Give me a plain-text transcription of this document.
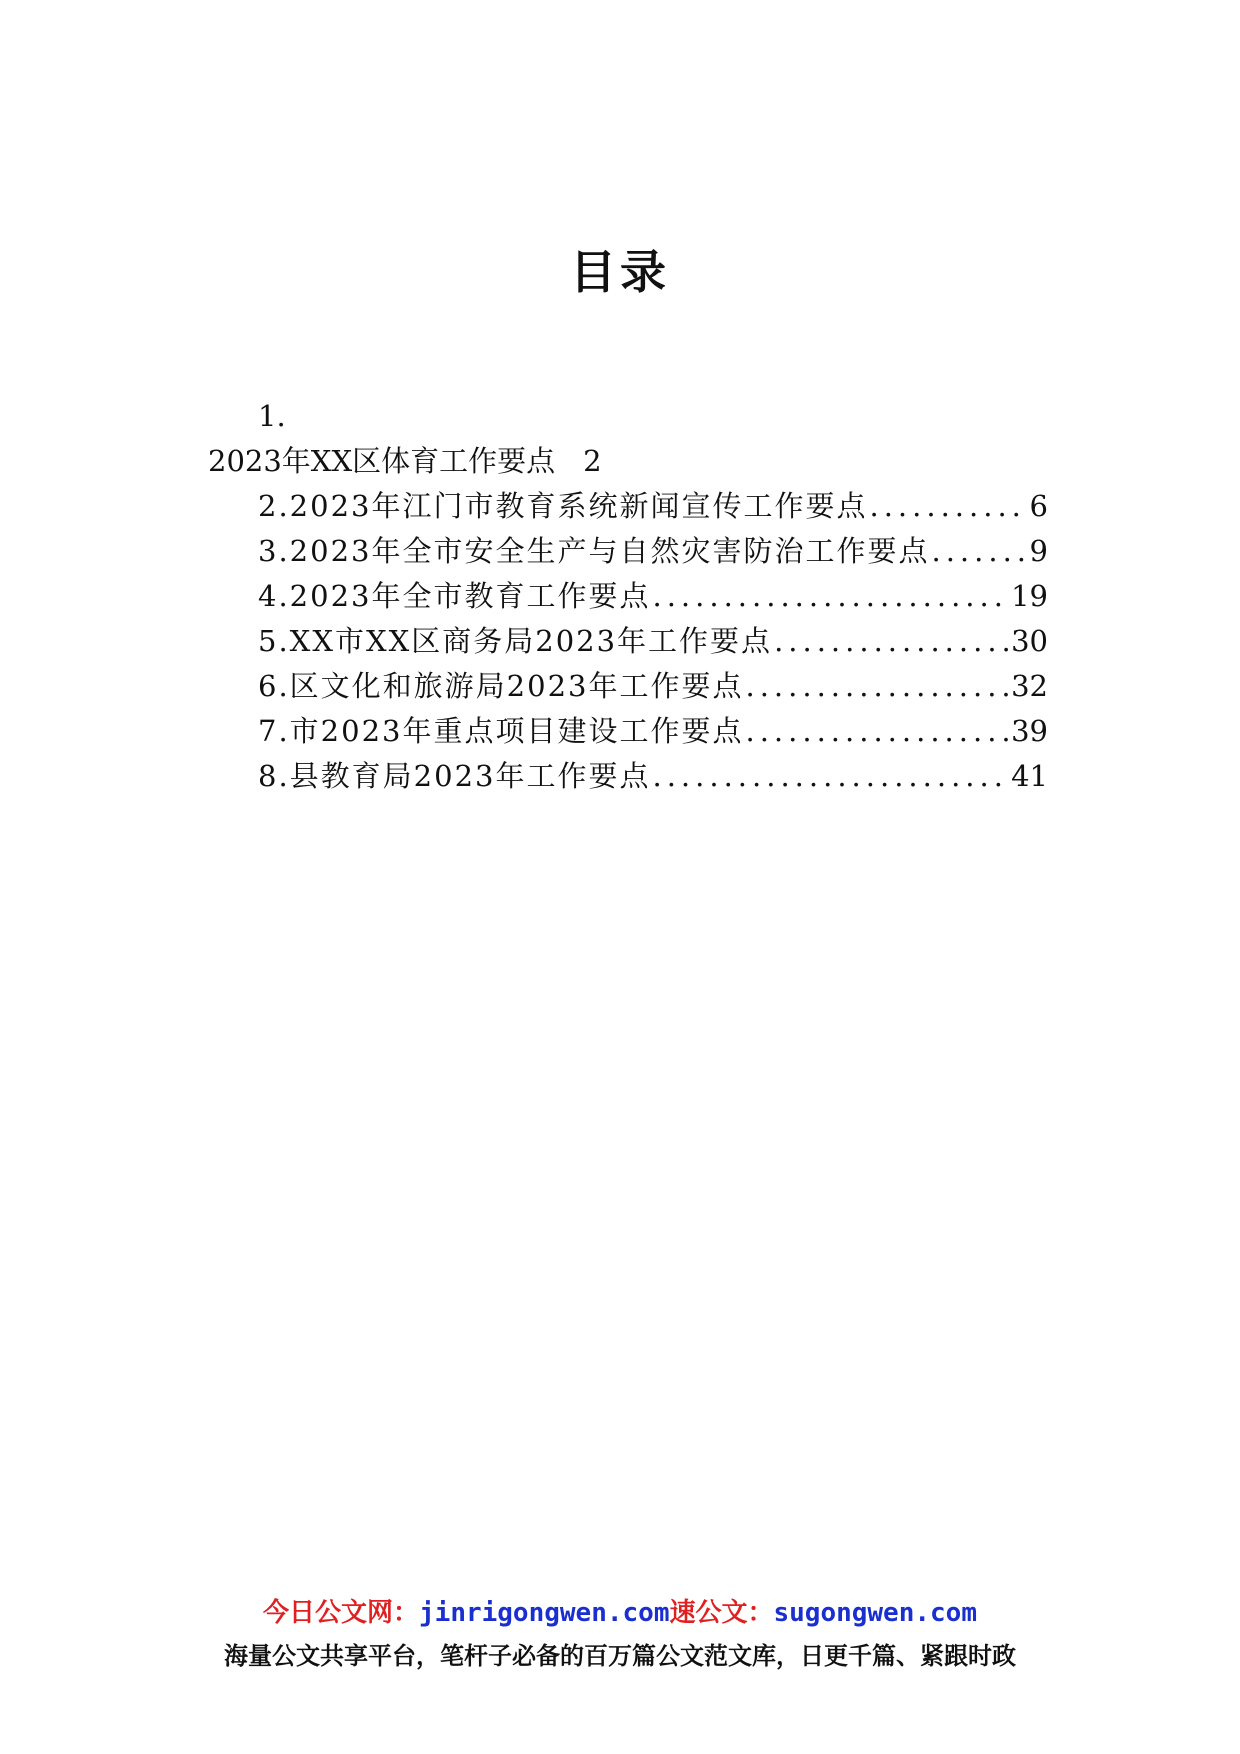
目录
1.
2023年XX区体育工作要点 2
2.2023年江门市教育系统新闻宣传工作要点 .....	6
3.2023年全市安全生产与自然灾害防治工作要点 .....	9
4.2023年全市教育工作要点 .....	19
5.XX市XX区商务局2023年工作要点 .....	30
6.区文化和旅游局2023年工作要点 .....	32
7.市2023年重点项目建设工作要点 .....	39
8.县教育局2023年工作要点 .....	41
今日公文网：jinrigongwen.com速公文：sugongwen.com
海量公文共享平台，笔杆子必备的百万篇公文范文库，日更千篇、紧跟时政
